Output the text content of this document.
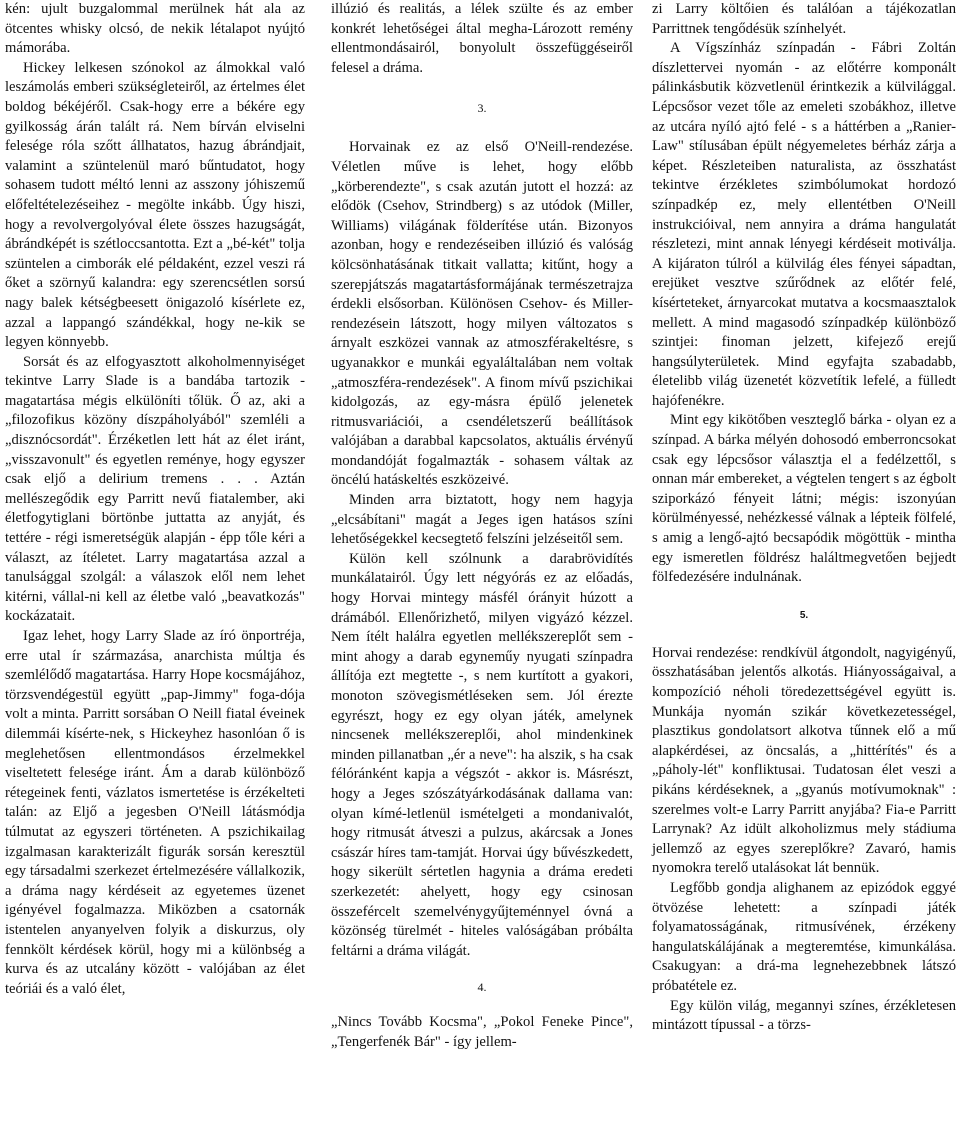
kén: ujult buzgalommal merülnek hát ala az ötcentes whisky olcsó, de nekik létalapot nyújtó mámorába.

Hickey lelkesen szónokol az álmokkal való leszámolás emberi szükségleteiről, az értelmes élet boldog békéjéről. Csak-hogy erre a békére egy gyilkosság árán talált rá. Nem bírván elviselni felesége róla szőtt állhatatos, hazug ábrándjait, valamint a szüntelenül maró bűntudatot, hogy sohasem tudott méltó lenni az asszony jóhiszemű előfeltételezéseihez - megölte inkább. Úgy hiszi, hogy a revolvergolyóval élete összes hazugságát, ábrándképét is szétloccsantotta. Ezt a „bé-két" tolja szüntelen a cimborák elé példaként, ezzel veszi rá őket a szörnyű kalandra: egy szerencsétlen sorsú nagy balek kétségbeesett önigazoló kísérlete ez, azzal a lappangó szándékkal, hogy ne-kik se legyen könnyebb.

Sorsát és az elfogyasztott alkoholmennyiséget tekintve Larry Slade is a bandába tartozik - magatartása mégis elkülöníti tőlük. Ő az, aki a „filozofikus közöny díszpáholyából" szemléli a „disznócsordát". Érzéketlen lett hát az élet iránt, „visszavonult" és egyetlen reménye, hogy egyszer csak eljő a delirium tremens . . . Aztán mellészegődik egy Parritt nevű fiatalember, aki életfogytiglani börtönbe juttatta az anyját, és tettére - régi ismeretségük alapján - épp tőle kéri a választ, az ítéletet. Larry magatartása azzal a tanulsággal szolgál: a válaszok elől nem lehet kitérni, vállal-ni kell az életbe való „beavatkozás" kockázatait.

Igaz lehet, hogy Larry Slade az író önportréja, erre utal ír származása, anarchista múltja és szemlélődő magatartása. Harry Hope kocsmájához, törzsvendégestül együtt „pap-Jimmy" foga-dója volt a minta. Parritt sorsában O Neill fiatal éveinek dilemmái kísérte-nek, s Hickeyhez hasonlóan ő is meglehetősen ellentmondásos érzelmekkel viseltetett felesége iránt. Ám a darab különböző rétegeinek fenti, vázlatos ismertetése is érzékelteti talán: az Eljő a jegesben O'Neill látásmódja túlmutat az egyszeri történeten. A pszichikailag izgalmasan karakterizált figurák sorsán keresztül egy társadalmi szerkezet értelmezésére vállalkozik, a dráma nagy kérdéseit az egyetemes üzenet igényével fogalmazza. Miközben a csatornák istentelen anyanyelven folyik a diskurzus, oly fennkölt kérdések körül, hogy mi a különbség a kurva és az utcalány között - valójában az élet teóriái és a való élet,

illúzió és realitás, a lélek szülte és az ember konkrét lehetőségei által megha-Lározott remény ellentmondásairól, bonyolult összefüggéseiről felesel a dráma.

3.

Horvainak ez az első O'Neill-rendezése. Véletlen műve is lehet, hogy előbb „körberendezte", s csak azután jutott el hozzá: az elődök (Csehov, Strindberg) s az utódok (Miller, Williams) világának földerítése után. Bizonyos azonban, hogy e rendezéseiben illúzió és valóság kölcsönhatásának titkait vallatta; kitűnt, hogy a szerepjátszás magatartásformájának természetrajza érdekli elsősorban. Különösen Csehov- és Miller-rendezésein látszott, hogy milyen változatos s árnyalt eszközei vannak az atmoszférakeltésre, s ugyanakkor e munkái egyaláltalában nem voltak „atmoszféra-rendezések". A finom mívű pszichikai kidolgozás, az egy-másra épülő jelenetek ritmusvariációi, a csendéletszerű beállítások valójában a darabbal kapcsolatos, aktuális érvényű mondandóját fogalmazták - sohasem váltak az öncélú hatáskeltés eszközeivé.

Minden arra biztatott, hogy nem hagyja „elcsábítani" magát a Jeges igen hatásos színi lehetőségekkel kecsegtető felszíni jelzéseitől sem.

Külön kell szólnunk a darabrövidítés munkálatairól. Úgy lett négyórás ez az előadás, hogy Horvai mintegy másfél órányit húzott a drámából. Ellenőrizhető, milyen vigyázó kézzel. Nem ítélt halálra egyetlen mellékszereplőt sem - mint ahogy a darab egyneműy nyugati színpadra állítója ezt megtette -, s nem kurtított a gyakori, monoton szövegismétléseken sem. Jól érezte egyrészt, hogy ez egy olyan játék, amelynek nincsenek mellékszereplői, ahol mindenkinek minden pillanatban „ér a neve": ha alszik, s ha csak félóránként kapja a végszót - akkor is. Másrészt, hogy a Jeges szószátyárkodásának dallama van: olyan kímé-letlenül ismételgeti a mondanivalót, hogy ritmusát átveszi a pulzus, akárcsak a Jones császár híres tam-tamját. Horvai úgy bűvészkedett, hogy sikerült sértetlen hagynia a dráma eredeti szerkezetét: ahelyett, hogy egy csinosan összefércelt szemelvénygyűjteménnyel óvná a közönség türelmét - hiteles valóságában próbálta feltárni a dráma világát.

4.

„Nincs Tovább Kocsma", „Pokol Feneke Pince", „Tengerfenék Bár" - így jellem-

zi Larry költőien és találóan a tájékozatlan Parrittnek tengődésük színhelyét.

A Vígszínház színpadán - Fábri Zoltán díszlettervei nyomán - az előtérre komponált pálinkásbutik közvetlenül érintkezik a külvilággal. Lépcsősor vezet tőle az emeleti szobákhoz, illetve az utcára nyíló ajtó felé - s a háttérben a „Ranier-Law" stílusában épült négyemeletes bérház zárja a képet. Részleteiben naturalista, az összhatást tekintve érzékletes szimbólumokat hordozó színpadkép ez, mely ellentétben O'Neill instrukcióival, nem annyira a dráma hangulatát részletezi, mint annak lényegi kérdéseit motiválja. A kijáraton túlról a külvilág éles fényei sápadtan, erejüket vesztve szűrődnek az előtér felé, kísérteteket, árnyarcokat mutatva a kocsmaasztalok mellett. A mind magasodó színpadkép különböző szintjei: finoman jelzett, kifejező erejű hangsúlyterületek. Mind egyfajta szabadabb, életelibb világ üzenetét közvetítik lefelé, a fülledt hajófenékre.

Mint egy kikötőben veszteglő bárka - olyan ez a színpad. A bárka mélyén dohosodó emberroncsokat csak egy lépcsősor választja el a fedélzettől, s onnan már embereket, a végtelen tengert s az égbolt sziporkázó fényeit látni; mégis: iszonyúan körülményessé, nehézkessé válnak a lépteik fölfelé, s amig a lengő-ajtó becsapódik mögöttük - mintha egy ismeretlen földrész haláltmegvetően bejjedt fölfedezésére indulnának.

5.

Horvai rendezése: rendkívül átgondolt, nagyigényű, összhatásában jelentős alkotás. Hiányosságaival, a kompozíció néholi töredezettségével együtt is. Munkája nyomán szikár következetességel, plasztikus gondolatsort alkotva tűnnek elő a mű alapkérdései, az öncsalás, a „hittérítés" és a „páholy-lét" konfliktusai. Tudatosan élet veszi a pikáns kérdéseknek, a „gyanús motívumoknak" : szerelmes volt-e Larry Parritt anyjába? Fia-e Parritt Larrynak? Az idült alkoholizmus mely stádiuma jellemző az egyes szereplőkre? Zavaró, hamis nyomokra terelő utalásokat lát bennük.

Legfőbb gondja alighanem az epizódok eggyé ötvözése lehetett: a színpadi játék folyamatosságának, ritmusívének, érzékeny hangulatskálájának a megteremtése, kimunkálása. Csakugyan: a drá-ma legnehezebbnek látszó próbatétele ez.

Egy külön világ, megannyi színes, érzékletesen mintázott típussal - a törzs-
